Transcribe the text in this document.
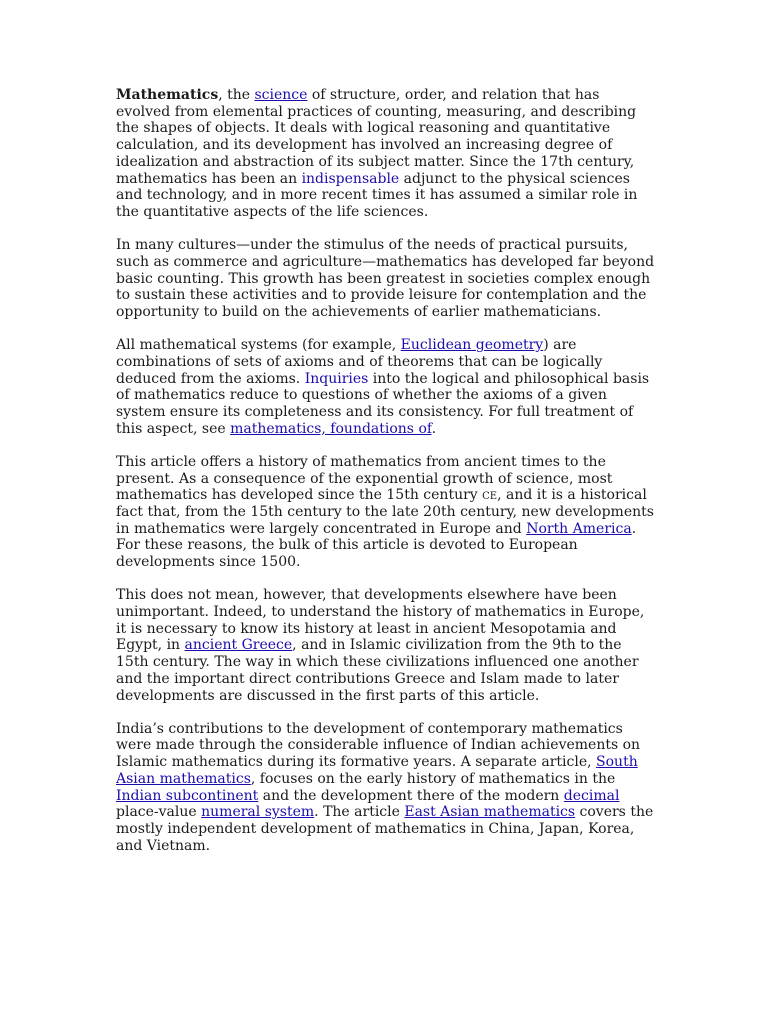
Mathematics, the science of structure, order, and relation that has evolved from elemental practices of counting, measuring, and describing the shapes of objects. It deals with logical reasoning and quantitative calculation, and its development has involved an increasing degree of idealization and abstraction of its subject matter. Since the 17th century, mathematics has been an indispensable adjunct to the physical sciences and technology, and in more recent times it has assumed a similar role in the quantitative aspects of the life sciences.

In many cultures—under the stimulus of the needs of practical pursuits, such as commerce and agriculture—mathematics has developed far beyond basic counting. This growth has been greatest in societies complex enough to sustain these activities and to provide leisure for contemplation and the opportunity to build on the achievements of earlier mathematicians.

All mathematical systems (for example, Euclidean geometry) are combinations of sets of axioms and of theorems that can be logically deduced from the axioms. Inquiries into the logical and philosophical basis of mathematics reduce to questions of whether the axioms of a given system ensure its completeness and its consistency. For full treatment of this aspect, see mathematics, foundations of.

This article offers a history of mathematics from ancient times to the present. As a consequence of the exponential growth of science, most mathematics has developed since the 15th century ce, and it is a historical fact that, from the 15th century to the late 20th century, new developments in mathematics were largely concentrated in Europe and North America. For these reasons, the bulk of this article is devoted to European developments since 1500.

This does not mean, however, that developments elsewhere have been unimportant. Indeed, to understand the history of mathematics in Europe, it is necessary to know its history at least in ancient Mesopotamia and Egypt, in ancient Greece, and in Islamic civilization from the 9th to the 15th century. The way in which these civilizations influenced one another and the important direct contributions Greece and Islam made to later developments are discussed in the first parts of this article.

India’s contributions to the development of contemporary mathematics were made through the considerable influence of Indian achievements on Islamic mathematics during its formative years. A separate article, South Asian mathematics, focuses on the early history of mathematics in the Indian subcontinent and the development there of the modern decimal place-value numeral system. The article East Asian mathematics covers the mostly independent development of mathematics in China, Japan, Korea, and Vietnam.
